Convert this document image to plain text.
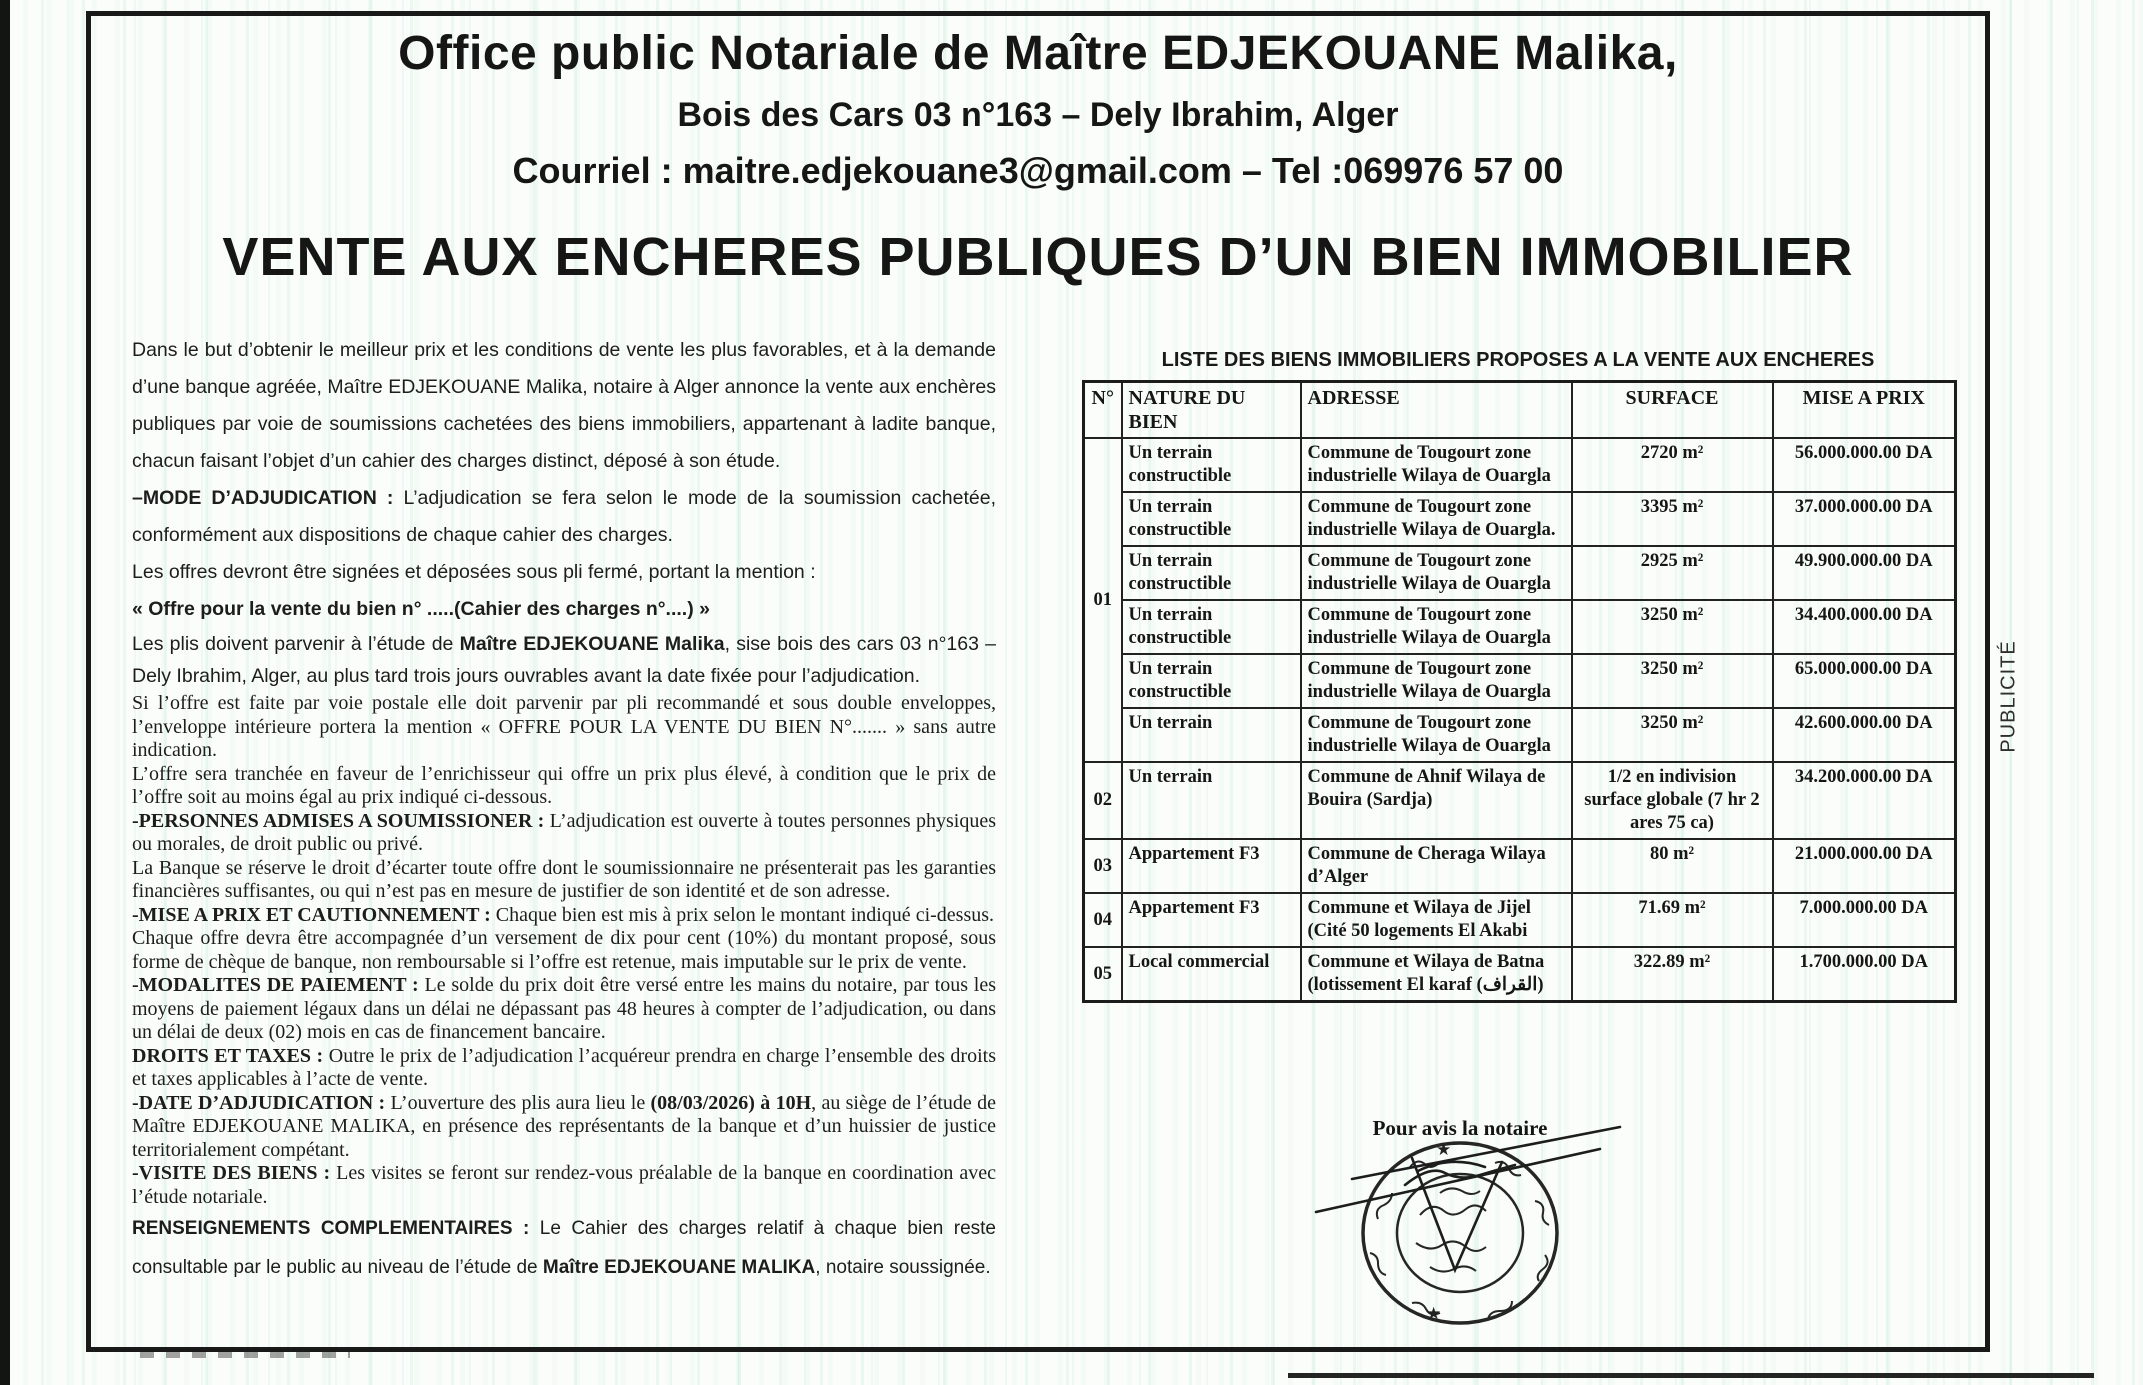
Office public Notariale de Maître EDJEKOUANE Malika,
Bois des Cars 03 n°163 – Dely Ibrahim, Alger
Courriel : maitre.edjekouane3@gmail.com – Tel :069976 57 00
VENTE AUX ENCHERES PUBLIQUES D’UN BIEN IMMOBILIER

Dans le but d’obtenir le meilleur prix et les conditions de vente les plus favorables, et à la demande d’une banque agréée, Maître EDJEKOUANE Malika, notaire à Alger annonce la vente aux enchères publiques par voie de soumissions cachetées des biens immobiliers, appartenant à ladite banque, chacun faisant l’objet d’un cahier des charges distinct, déposé à son étude.

–MODE D’ADJUDICATION : L’adjudication se fera selon le mode de la soumission cachetée, conformément aux dispositions de chaque cahier des charges.

Les offres devront être signées et déposées sous pli fermé, portant la mention :

« Offre pour la vente du bien n° .....(Cahier des charges n°....) »

Les plis doivent parvenir à l’étude de Maître EDJEKOUANE Malika, sise bois des cars 03 n°163 – Dely Ibrahim, Alger, au plus tard trois jours ouvrables avant la date fixée pour l’adjudication.

Si l’offre est faite par voie postale elle doit parvenir par pli recommandé et sous double enveloppes, l’enveloppe intérieure portera la mention « OFFRE POUR LA VENTE DU BIEN N°....... » sans autre indication.

L’offre sera tranchée en faveur de l’enrichisseur qui offre un prix plus élevé, à condition que le prix de l’offre soit au moins égal au prix indiqué ci-dessous.

-PERSONNES ADMISES A SOUMISSIONER : L’adjudication est ouverte à toutes personnes physiques ou morales, de droit public ou privé.

La Banque se réserve le droit d’écarter toute offre dont le soumissionnaire ne présenterait pas les garanties financières suffisantes, ou qui n’est pas en mesure de justifier de son identité et de son adresse.

-MISE A PRIX ET CAUTIONNEMENT : Chaque bien est mis à prix selon le montant indiqué ci-dessus.

Chaque offre devra être accompagnée d’un versement de dix pour cent (10%) du montant proposé, sous forme de chèque de banque, non remboursable si l’offre est retenue, mais imputable sur le prix de vente.

-MODALITES DE PAIEMENT : Le solde du prix doit être versé entre les mains du notaire, par tous les moyens de paiement légaux dans un délai ne dépassant pas 48 heures à compter de l’adjudication, ou dans un délai de deux (02) mois en cas de financement bancaire.

DROITS ET TAXES : Outre le prix de l’adjudication l’acquéreur prendra en charge l’ensemble des droits et taxes applicables à l’acte de vente.

-DATE D’ADJUDICATION : L’ouverture des plis aura lieu le (08/03/2026) à 10H, au siège de l’étude de Maître EDJEKOUANE MALIKA, en présence des représentants de la banque et d’un huissier de justice territorialement compétant.

-VISITE DES BIENS : Les visites se feront sur rendez-vous préalable de la banque en coordination avec l’étude notariale.

RENSEIGNEMENTS COMPLEMENTAIRES : Le Cahier des charges relatif à chaque bien reste consultable par le public au niveau de l’étude de Maître EDJEKOUANE MALIKA, notaire soussignée.

LISTE DES BIENS IMMOBILIERS PROPOSES A LA VENTE AUX ENCHERES
N°	NATURE DU BIEN	ADRESSE	SURFACE	MISE A PRIX
01	Un terrain constructible	Commune de Tougourt zone industrielle Wilaya de Ouargla	2720 m²	56.000.000.00 DA
	Un terrain constructible	Commune de Tougourt zone industrielle Wilaya de Ouargla.	3395 m²	37.000.000.00 DA
	Un terrain constructible	Commune de Tougourt zone industrielle Wilaya de Ouargla	2925 m²	49.900.000.00 DA
	Un terrain constructible	Commune de Tougourt zone industrielle Wilaya de Ouargla	3250 m²	34.400.000.00 DA
	Un terrain constructible	Commune de Tougourt zone industrielle Wilaya de Ouargla	3250 m²	65.000.000.00 DA
	Un terrain	Commune de Tougourt zone industrielle Wilaya de Ouargla	3250 m²	42.600.000.00 DA
02	Un terrain	Commune de Ahnif Wilaya de Bouira (Sardja)	1/2 en indivision surface globale (7 hr 2 ares 75 ca)	34.200.000.00 DA
03	Appartement F3	Commune de Cheraga Wilaya d’Alger	80 m²	21.000.000.00 DA
04	Appartement F3	Commune et Wilaya de Jijel (Cité 50 logements El Akabi	71.69 m²	7.000.000.00 DA
05	Local commercial	Commune et Wilaya de Batna (lotissement El karaf (القراف)	322.89 m²	1.700.000.00 DA
Pour avis la notaire
★
★
PUBLICITÉ
